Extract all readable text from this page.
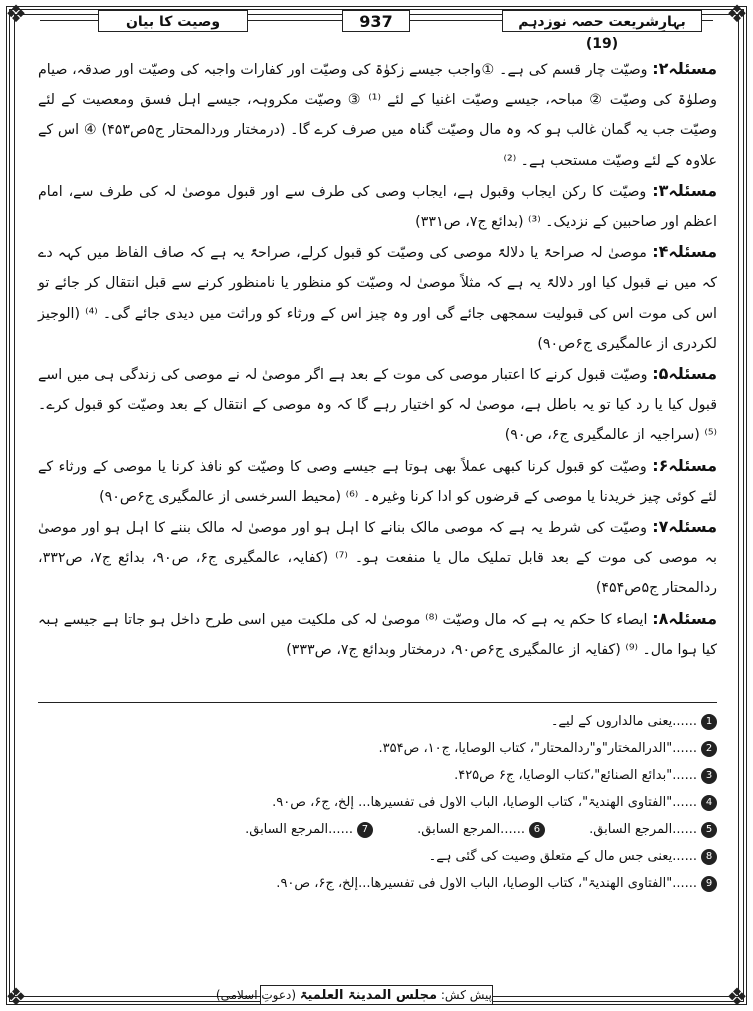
❖	❖
❖	❖
وصیت کا بیان	937	بہارِشریعت حصہ نوزدہم (19)

مسئلہ۲: وصیّت چار قسم کی ہے۔ ①واجب جیسے زکوٰۃ کی وصیّت اور کفارات واجبہ کی وصیّت اور صدقہ، صیام وصلوٰۃ کی وصیّت ② مباحہ، جیسے وصیّت اغنیا کے لئے ⁽¹⁾ ③ وصیّت مکروہہ، جیسے اہل فسق ومعصیت کے لئے وصیّت جب یہ گمان غالب ہو کہ وہ مال وصیّت گناہ میں صرف کرے گا۔ (درمختار وردالمحتار ج۵ص۴۵۳) ④ اس کے علاوہ کے لئے وصیّت مستحب ہے۔ ⁽²⁾

مسئلہ۳: وصیّت کا رکن ایجاب وقبول ہے، ایجاب وصی کی طرف سے اور قبول موصیٰ لہ کی طرف سے، امام اعظم اور صاحبین کے نزدیک۔ ⁽³⁾ (بدائع ج۷، ص۳۳۱)

مسئلہ۴: موصیٰ لہ صراحۃً یا دلالۃً موصی کی وصیّت کو قبول کرلے، صراحۃً یہ ہے کہ صاف الفاظ میں کہہ دے کہ میں نے قبول کیا اور دلالۃً یہ ہے کہ مثلاً موصیٰ لہ وصیّت کو منظور یا نامنظور کرنے سے قبل انتقال کر جائے تو اس کی موت اس کی قبولیت سمجھی جائے گی اور وہ چیز اس کے ورثاء کو وراثت میں دیدی جائے گی۔ ⁽⁴⁾ (الوجیز لکردری از عالمگیری ج۶ص۹۰)

مسئلہ۵: وصیّت قبول کرنے کا اعتبار موصی کی موت کے بعد ہے اگر موصیٰ لہ نے موصی کی زندگی ہی میں اسے قبول کیا یا رد کیا تو یہ باطل ہے، موصیٰ لہ کو اختیار رہے گا کہ وہ موصی کے انتقال کے بعد وصیّت کو قبول کرے۔ ⁽⁵⁾ (سراجیہ از عالمگیری ج۶، ص۹۰)

مسئلہ۶: وصیّت کو قبول کرنا کبھی عملاً بھی ہوتا ہے جیسے وصی کا وصیّت کو نافذ کرنا یا موصی کے ورثاء کے لئے کوئی چیز خریدنا یا موصی کے قرضوں کو ادا کرنا وغیرہ۔ ⁽⁶⁾ (محیط السرخسی از عالمگیری ج۶ص۹۰)

مسئلہ۷: وصیّت کی شرط یہ ہے کہ موصی مالک بنانے کا اہل ہو اور موصیٰ لہ مالک بننے کا اہل ہو اور موصیٰ بہ موصی کی موت کے بعد قابل تملیک مال یا منفعت ہو۔ ⁽⁷⁾ (کفایہ، عالمگیری ج۶، ص۹۰، بدائع ج۷، ص۳۳۲، ردالمحتار ج۵ص۴۵۴)

مسئلہ۸: ایصاء کا حکم یہ ہے کہ مال وصیّت ⁽⁸⁾ موصیٰ لہ کی ملکیت میں اسی طرح داخل ہو جاتا ہے جیسے ہبہ کیا ہوا مال۔ ⁽⁹⁾ (کفایہ از عالمگیری ج۶ص۹۰، درمختار وبدائع ج۷، ص۳۳۳)

1......یعنی مالداروں کے لیے۔
2......"الدرالمختار"و"ردالمحتار"، کتاب الوصایا، ج۱۰، ص۳۵۴.
3......"بدائع الصنائع"،کتاب الوصایا، ج۶ ص۴۲۵.
4......"الفتاوی الھندیۃ"، کتاب الوصایا، الباب الاول فی تفسیرھا... إلخ، ج۶، ص۹۰.
5......المرجع السابق. 6......المرجع السابق. 7......المرجع السابق.
8......یعنی جس مال کے متعلق وصیت کی گئی ہے۔
9......"الفتاوی الھندیۃ"، کتاب الوصایا، الباب الاول فی تفسیرھا...إلخ، ج۶، ص۹۰.
پیش کش: مجلس المدینۃ العلمیۃ (دعوتِ اسلامی)
